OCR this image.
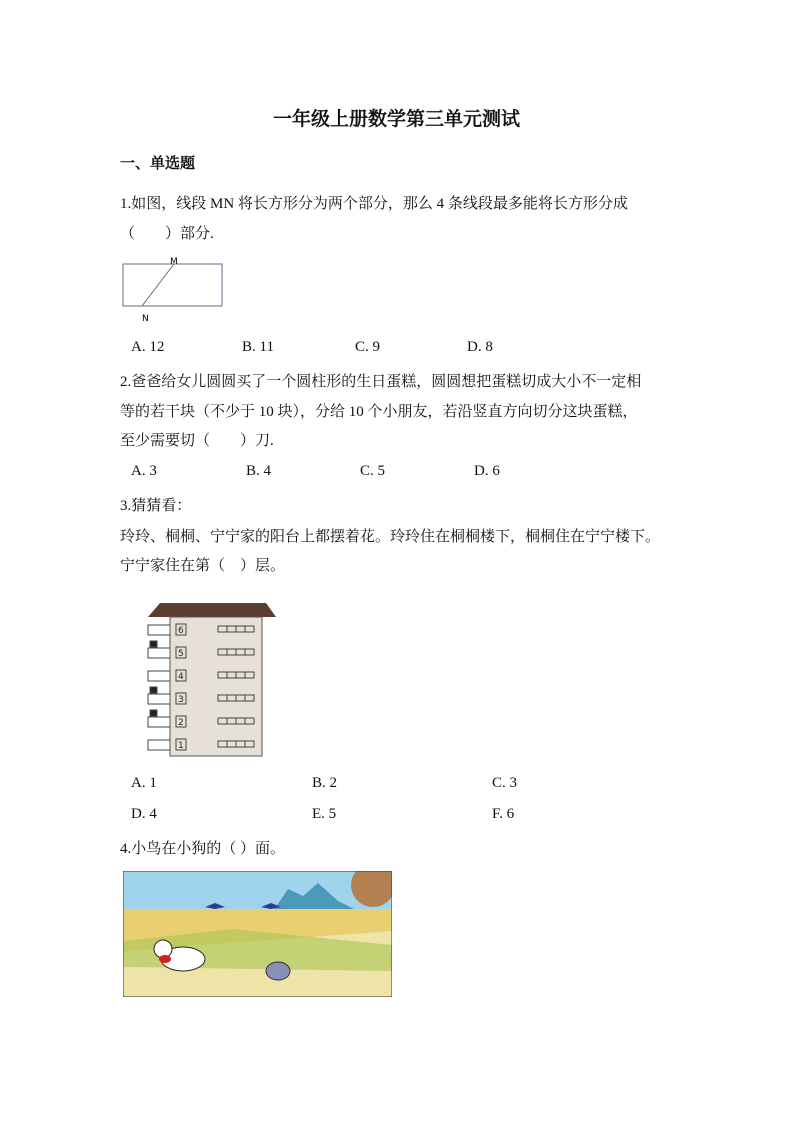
一年级上册数学第三单元测试
一、单选题
1.如图，线段 MN 将长方形分为两个部分，那么 4 条线段最多能将长方形分成
（　　）部分.
M
N
A. 12	B. 11	C. 9	D. 8
2.爸爸给女儿圆圆买了一个圆柱形的生日蛋糕，圆圆想把蛋糕切成大小不一定相
等的若干块（不少于 10 块），分给 10 个小朋友，若沿竖直方向切分这块蛋糕，
至少需要切（　　）刀.
A. 3	B. 4	C. 5	D. 6
3.猜猜看：
玲玲、桐桐、宁宁家的阳台上都摆着花。玲玲住在桐桐楼下，桐桐住在宁宁楼下。
宁宁家住在第（　）层。
6
5
4
3
2
1
A. 1	B. 2	C. 3
D. 4	E. 5	F. 6
4.小鸟在小狗的（ ）面。
